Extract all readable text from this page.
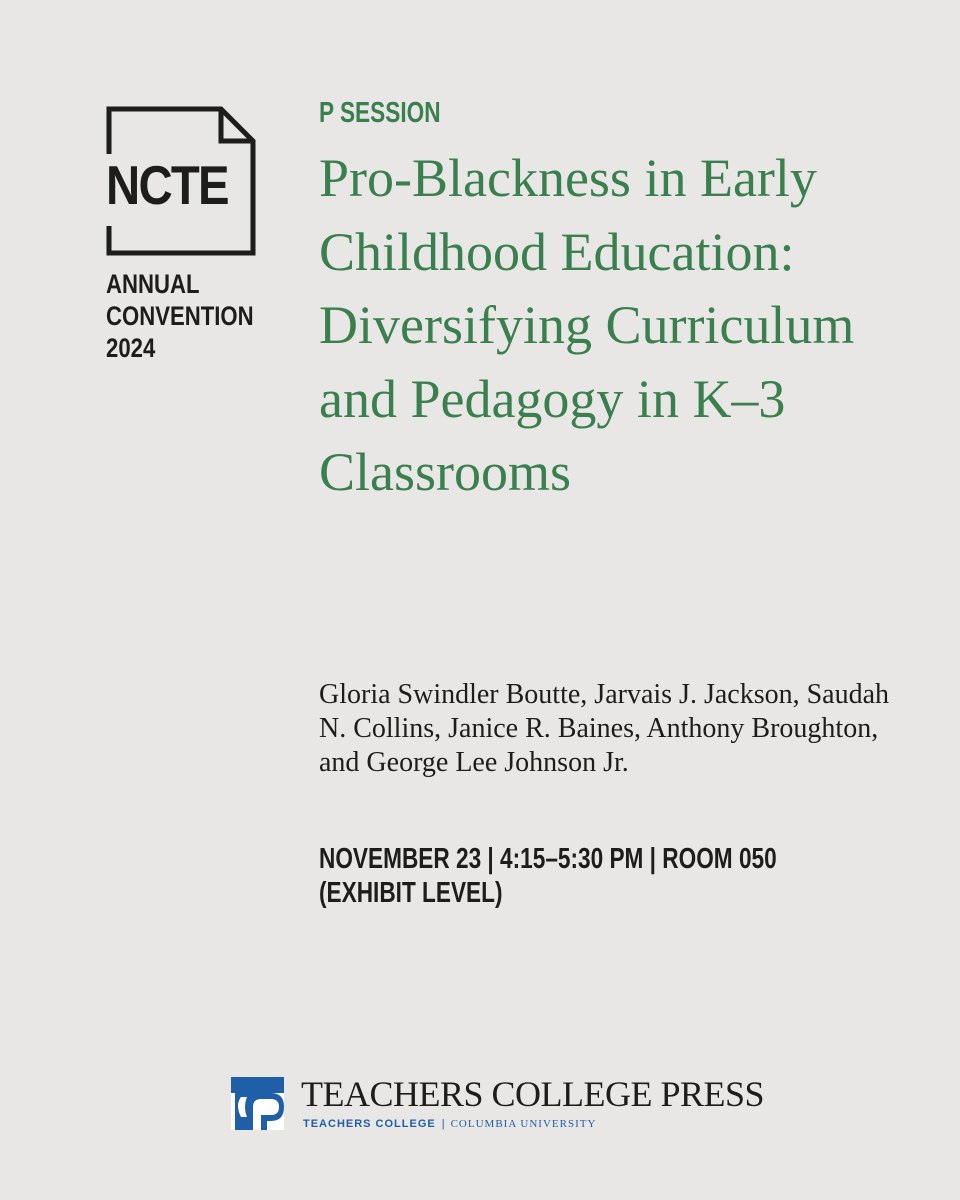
NCTE
ANNUAL
CONVENTION
2024
P SESSION
Pro-Blackness in Early Childhood Education: Diversifying Curriculum and Pedagogy in K–3 Classrooms
Gloria Swindler Boutte, Jarvais J. Jackson, Saudah N. Collins, Janice R. Baines, Anthony Broughton, and George Lee Johnson Jr.
NOVEMBER 23 | 4:15–5:30 PM | ROOM 050
(EXHIBIT LEVEL)
TEACHERS COLLEGE PRESS
TEACHERS COLLEGE | COLUMBIA UNIVERSITY
